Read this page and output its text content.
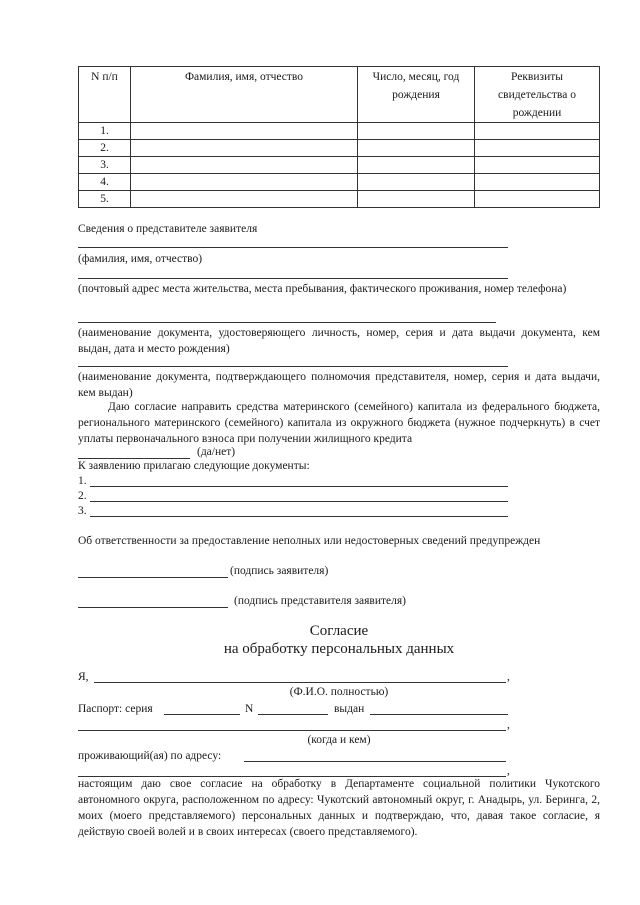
N п/п	Фамилия, имя, отчество	Число, месяц, год рождения	Реквизиты свидетельства о рождении
1.			
2.			
3.			
4.			
5.			
Сведения о представителе заявителя
(фамилия, имя, отчество)
(почтовый адрес места жительства, места пребывания, фактического проживания, номер телефона)
(наименование документа, удостоверяющего личность, номер, серия и дата выдачи документа, кем выдан, дата и место рождения)
(наименование документа, подтверждающего полномочия представителя, номер, серия и дата выдачи, кем выдан)
Даю согласие направить средства материнского (семейного) капитала из федерального бюджета, регионального материнского (семейного) капитала из окружного бюджета (нужное подчеркнуть) в счет уплаты первоначального взноса при получении жилищного кредита
(да/нет)
К заявлению прилагаю следующие документы:
1.
2.
3.
Об ответственности за предоставление неполных или недостоверных сведений предупрежден
(подпись заявителя)
(подпись представителя заявителя)
Согласие
на обработку персональных данных
Я,	,
(Ф.И.О. полностью)
Паспорт: серия	N	выдан
,
(когда и кем)
проживающий(ая) по адресу:
,
настоящим даю свое согласие на обработку в Департаменте социальной политики Чукотского автономного округа, расположенном по адресу: Чукотский автономный округ, г. Анадырь, ул. Беринга, 2, моих (моего представляемого) персональных данных и подтверждаю, что, давая такое согласие, я действую своей волей и в своих интересах (своего представляемого).
